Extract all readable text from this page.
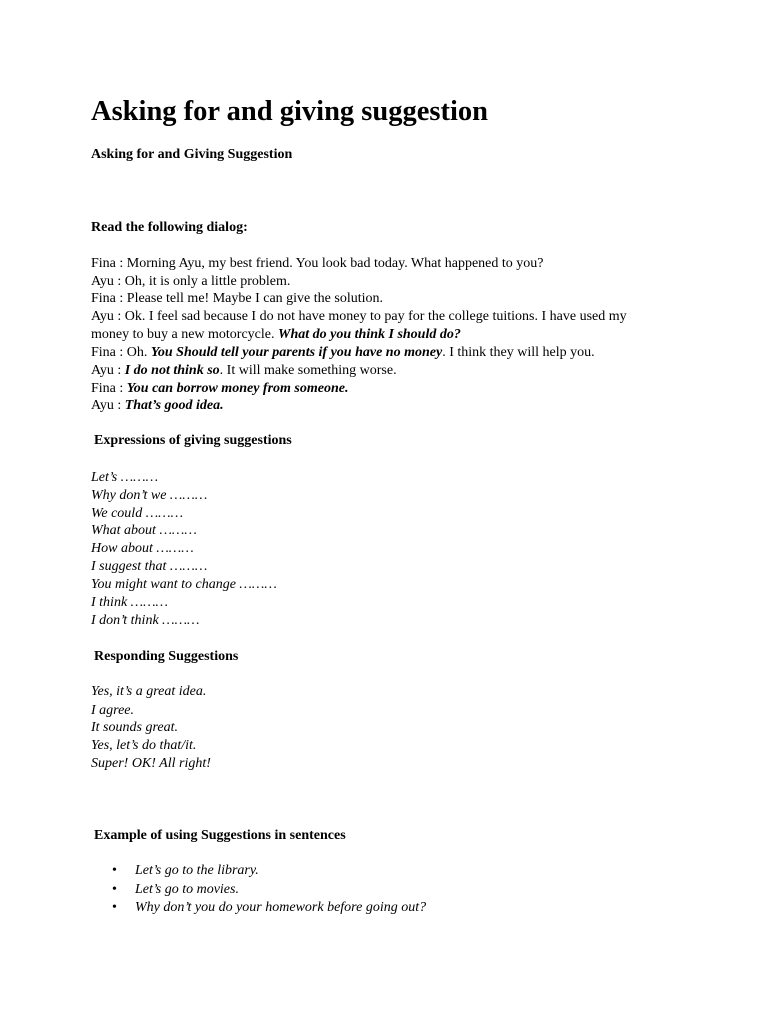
Asking for and giving suggestion
Asking for and Giving Suggestion
Read the following dialog:

Fina : Morning Ayu, my best friend. You look bad today. What happened to you?

Ayu : Oh, it is only a little problem.

Fina : Please tell me! Maybe I can give the solution.

Ayu : Ok. I feel sad because I do not have money to pay for the college tuitions. I have used my

money to buy a new motorcycle. What do you think I should do?

Fina : Oh. You Should tell your parents if you have no money. I think they will help you.

Ayu : I do not think so. It will make something worse.

Fina : You can borrow money from someone.

Ayu : That’s good idea.

Expressions of giving suggestions

Let’s ………

Why don’t we ………

We could ………

What about ………

How about ………

I suggest that ………

You might want to change ………

I think ………

I don’t think ………

Responding Suggestions

Yes, it’s a great idea.

I agree.

It sounds great.

Yes, let’s do that/it.

Super! OK! All right!

Example of using Suggestions in sentences
• Let’s go to the library.
• Let’s go to movies.
• Why don’t you do your homework before going out?
